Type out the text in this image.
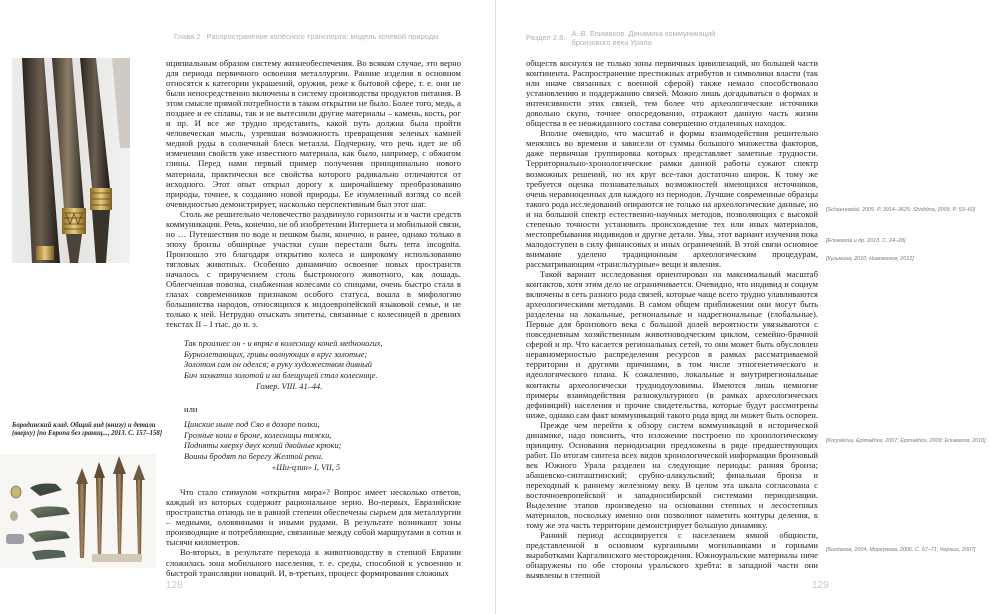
Глава 2 Распространение колёсного транспорта: модель кочевой природы
Бородинский клад. Общий вид (внизу) и детали (вверху) [по Европа без границ..., 2013. С. 157–158]

нципиальным образом систему жизнеобеспечения. Во всяком случае, это верно для периода первичного освоения металлургии. Ранние изделия в основном относятся к категории украшений, оружия, реже к бытовой сфере, т. е. они не были непосредственно включены в систему производства продуктов питания. В этом смысле прямой потребности в таком открытии не было. Более того, медь, а позднее и ее сплавы, так и не вытеснили другие материалы – камень, кость, рог и пр. И все же трудно представить, какой путь должна была пройти человеческая мысль, узревшая возможность превращения зеленых камней медной руды в солнечный блеск металла. Подчеркну, что речь идет не об изменении свойств уже известного материала, как было, например, с обжигом глины. Перед нами первый пример получения принципиально нового материала, практически все свойства которого радикально отличаются от исходного. Этот опыт открыл дорогу к широчайшему преобразованию природы, точнее, к созданию новой природы. Ее изумленный взгляд со всей очевидностью демонстрирует, насколько перспективным был этот шаг.

Столь же решительно человечество раздвинуло горизонты и в части средств коммуникации. Речь, конечно, не об изобретении Интернета и мобильной связи, но … Путешествия по воде и пешком были, конечно, и ранее, однако только в эпоху бронзы обширные участки суши перестали быть terra incognita. Произошло это благодаря открытию колеса и широкому использованию тягловых животных. Особенно динамично освоение новых пространств началось с приручением столь быстроногого животного, как лошадь. Облегченная повозка, снабженная колесами со спицами, очень быстро стала в глазах современников признаком особого статуса, вошла в мифологию большинства народов, относящихся к индоевропейской языковой семье, и не только к ней. Нетрудно отыскать эпитеты, связанные с колесницей в древних текстах II – I тыс. до н. э.

Так произнес он - и впряг в колесницу коней медноногих,
Бурнолетающих, гривы волнующих в круг золотые;
Золотом сам он оделся; в руку художеством дивный
Бич захватил золотой и на блещущей стал колеснице.
Гомер. VIII. 41–44.
или
Цинские ныне под Сяо в дозоре полки,
Грозные кони в броне, колесницы тяжки,
Подняты кверху двух копий двойные крюки;
Воины бродят по берегу Желтой реки.
«Ши-цзин» I, VII, 5

Что стало стимулом «открытия мира»? Вопрос имеет несколько ответов, каждый из которых содержит рациональное зерно. Во-первых, Евразийские пространства отнюдь не в равной степени обеспечены сырьем для металлургии – медными, оловянными и иными рудами. В результате возникают зоны производящие и потребляющие, связанные между собой маршрутами в сотни и тысячи километров.

Во-вторых, в результате перехода к животноводству в степной Евразии сложилась зона мобильного населения, т. е. среды, способной к усвоению и быстрой трансляции новаций. И, в-третьих, процесс формирования сложных

128
Раздел 2.8. А. В. Епимахов. Динамика коммуникаций
бронзового века Урала

обществ коснулся не только зоны первичных цивилизаций, но большей части континента. Распространение престижных атрибутов и символики власти (так или иначе связанных с военной сферой) также немало способствовало установлению и поддержанию связей. Можно лишь догадываться о формах и интенсивности этих связей, тем более что археологические источники довольно скупо, точнее опосредованно, отражают данную часть жизни общества в ее неожиданного состава совершенно отдаленных находок.

Вполне очевидно, что масштаб и формы взаимодействия решительно менялись во времени и зависели от суммы большого множества факторов, даже первичная группировка которых представляет заметные трудности. Территориально-хронологические рамки данной работы сужают спектр возможных решений, но их круг все-таки достаточно широк. К тому же требуется оценка познавательных возможностей имеющихся источников, очень неравноценных для каждого из периодов. Лучшие современные образцы такого рода исследований опираются не только на археологические данные, но и на большой спектр естественно-научных методов, позволяющих с высокой степенью точности установить происхождение тех или иных материалов, местопребывания индивидов и другие детали. Увы, этот вариант изучения пока малодоступен в силу финансовых и иных ограничений. В этой связи основное внимание уделено традиционным археологическим процедурам, рассматривающим «трансльтурные» вещи и явления.

Такой вариант исследования ориентирован на максимальный масштаб контактов, хотя этим дело не ограничивается. Очевидно, что индивид и социум включены в сеть разного рода связей, которые чаще всего трудно улавливаются археологическими методами. В самом общем приближении они могут быть разделены на локальные, региональные и надрегиональные (глобальные). Первые для бронзового века с большой долей вероятности увязываются с повседневным хозяйственным животноводческим циклом, семейно-брачной сферой и пр. Что касается региональных сетей, то они может быть обусловлен неравномерностью распределения ресурсов в рамках рассматриваемой территории и другими причинами, в том числе этногенетического и идеологического плана. К сожалению, локальные и внутрирегиональные контакты археологически труднодоуловимы. Имеются лишь немногие примеры взаимодействия разнокультурного (в рамках археологических дефиниций) населения и прочие свидетельства, которые будут рассмотрены ниже, однако сам факт коммуникаций такого рода вряд ли может быть оспорен.

Прежде чем перейти к обзору систем коммуникаций в исторической динамике, надо пояснить, что изложение построено по хронологическому принципу. Основания периодизации предложены в ряде предшествующих работ. По итогам синтеза всех видов хронологической информации бронзовый век Южного Урала разделен на следующие периоды: ранняя бронза; абашевско-синташтинский; срубно-алакульский; финальная бронза и переходный к раннему железному веку. В целом эта шкала согласована с восточноевропейской и западносибирской системами периодизации. Выделение этапов произведено на основании степных и лесостепных материалов, поскольку именно они позволяют наметить контуры деления, к тому же эта часть территории демонстрирует большую динамику.

Ранний период ассоциируется с населением ямной общности, представленной в основном курганными могильниками и горными выработками Каргалинского месторождения. Южноуральские материалы ниче обнаружены по обе стороны уральского хребта: в западной части они выявлены в степной

[Scheeresetal, 2009. P. 3914–3625; Shishlina, 2009. P. 53–60]
[Епимахов и др. 2013. С. 24–28]
[Кузьмина, 2010; Новоженов, 2012]
[Koryakova, Epimakhov, 2007; Epimakhov, 2009; Епимахов, 2010]
[Богданов, 2004; Моргунова, 2006. С. 67–71; Черных, 2007]
129
